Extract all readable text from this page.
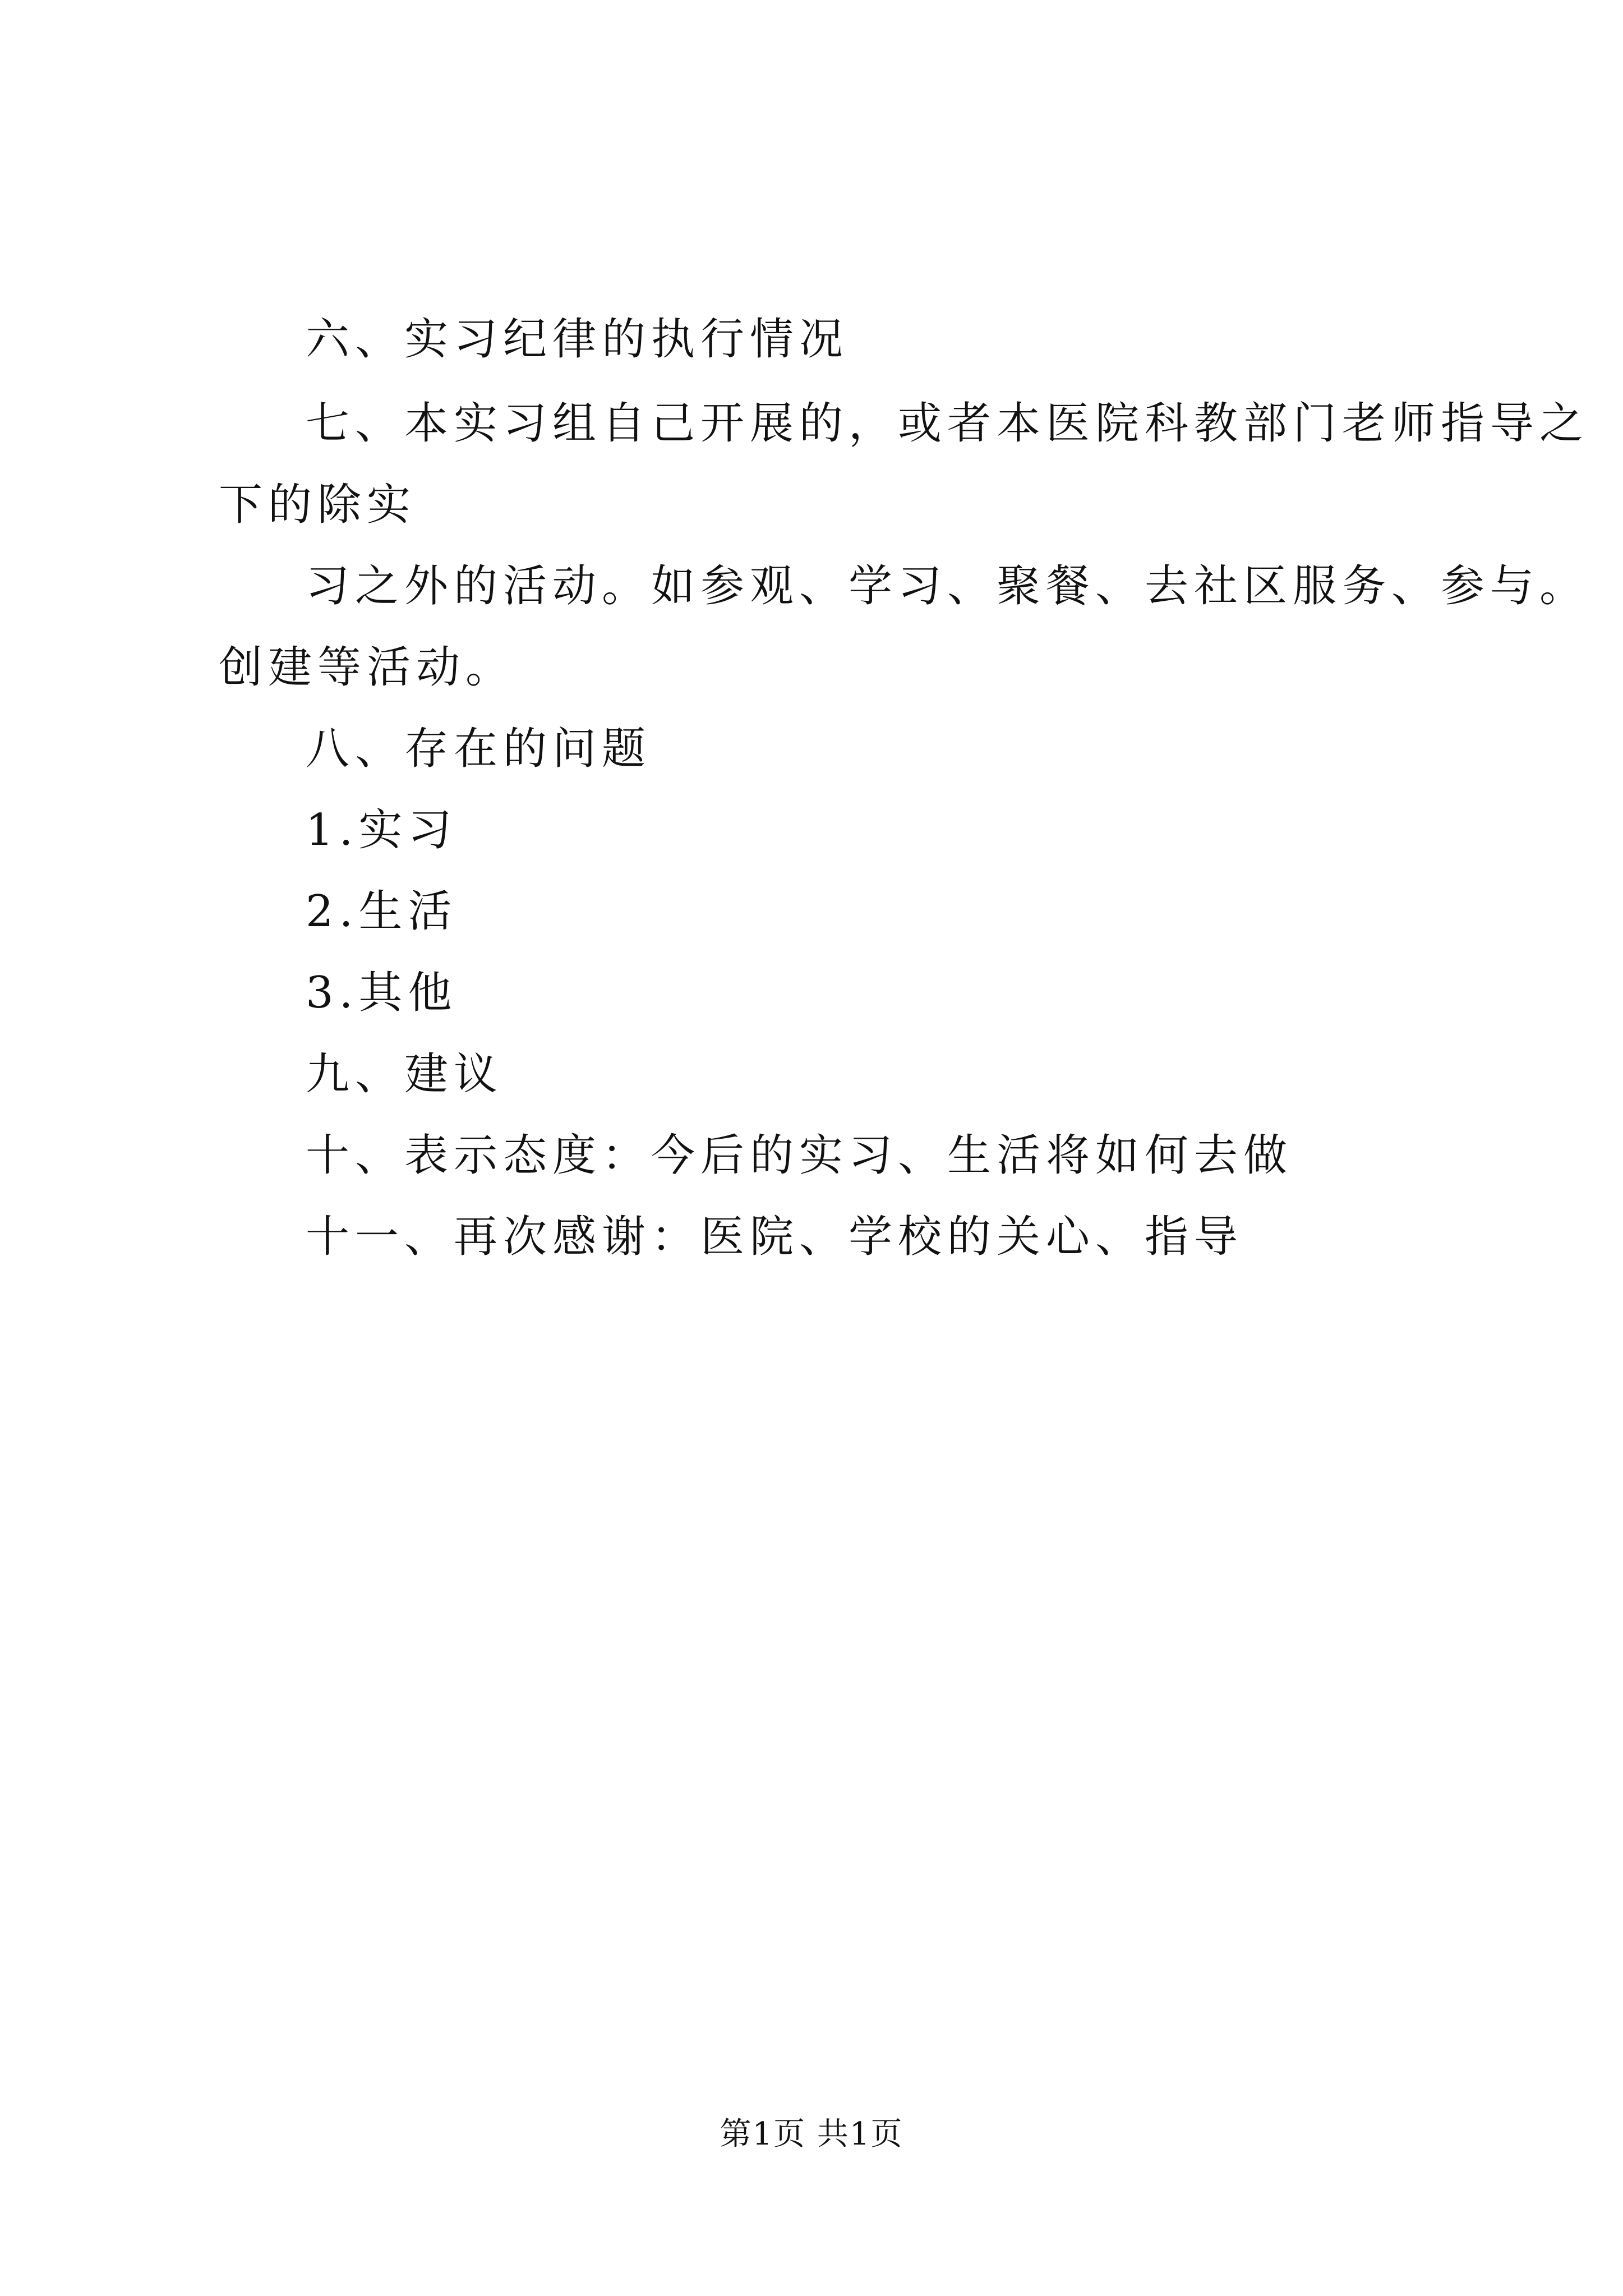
六、实习纪律的执行情况
七、本实习组自己开展的，或者本医院科教部门老师指导之
下的除实
习之外的活动。如参观、学习、聚餐、去社区服务、参与。
创建等活动。
八、存在的问题
1.实习
2.生活
3.其他
九、建议
十、表示态度：今后的实习、生活将如何去做
十一、再次感谢：医院、学校的关心、指导
第1页 共1页
